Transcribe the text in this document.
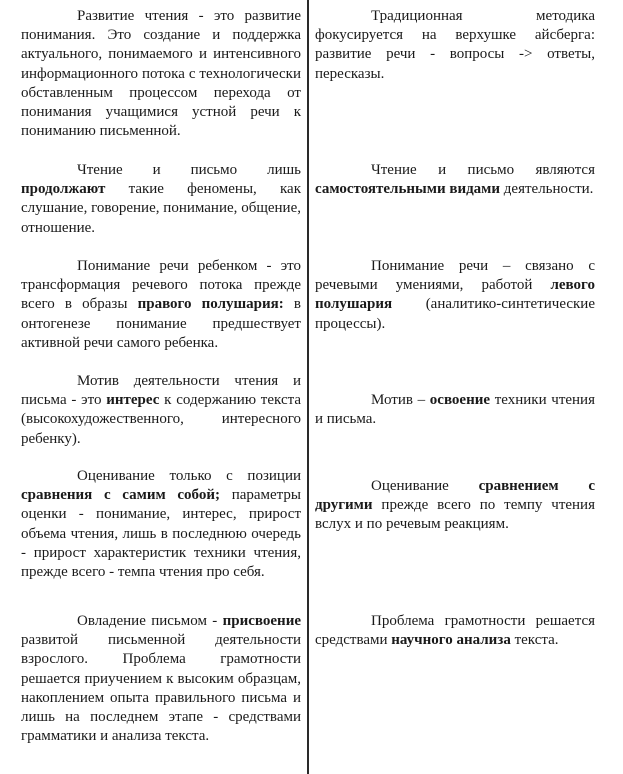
Развитие чтения - это развитие понимания. Это создание и поддержка актуального, понимаемого и интенсивного информационного потока с технологически обставленным процессом перехода от понимания учащимися устной речи к пониманию письменной.

Чтение и письмо лишь продолжают такие феномены, как слушание, говорение, понимание, общение, отношение.

Понимание речи ребенком - это трансформация речевого потока прежде всего в образы правого полушария: в онтогенезе понимание предшествует активной речи самого ребенка.

Мотив деятельности чтения и письма - это интерес к содержанию текста (высокохудожественного, интересного ребенку).

Оценивание только с позиции сравнения с самим собой; параметры оценки - понимание, интерес, прирост объема чтения, лишь в последнюю очередь - прирост характеристик техники чтения, прежде всего - темпа чтения про себя.

Овладение письмом - присвоение развитой письменной деятельности взрослого. Проблема грамотности решается приучением к высоким образцам, накоплением опыта правильного письма и лишь на последнем этапе - средствами грамматики и анализа текста.

Традиционная методика фокусируется на верхушке айсберга: развитие речи - вопросы -> ответы, пересказы.

Чтение и письмо являются самостоятельными видами деятельности.

Понимание речи – связано с речевыми умениями, работой левого полушария (аналитико-синтетические процессы).

Мотив – освоение техники чтения и письма.

Оценивание сравнением с другими прежде всего по темпу чтения вслух и по речевым реакциям.

Проблема грамотности решается средствами научного анализа текста.
